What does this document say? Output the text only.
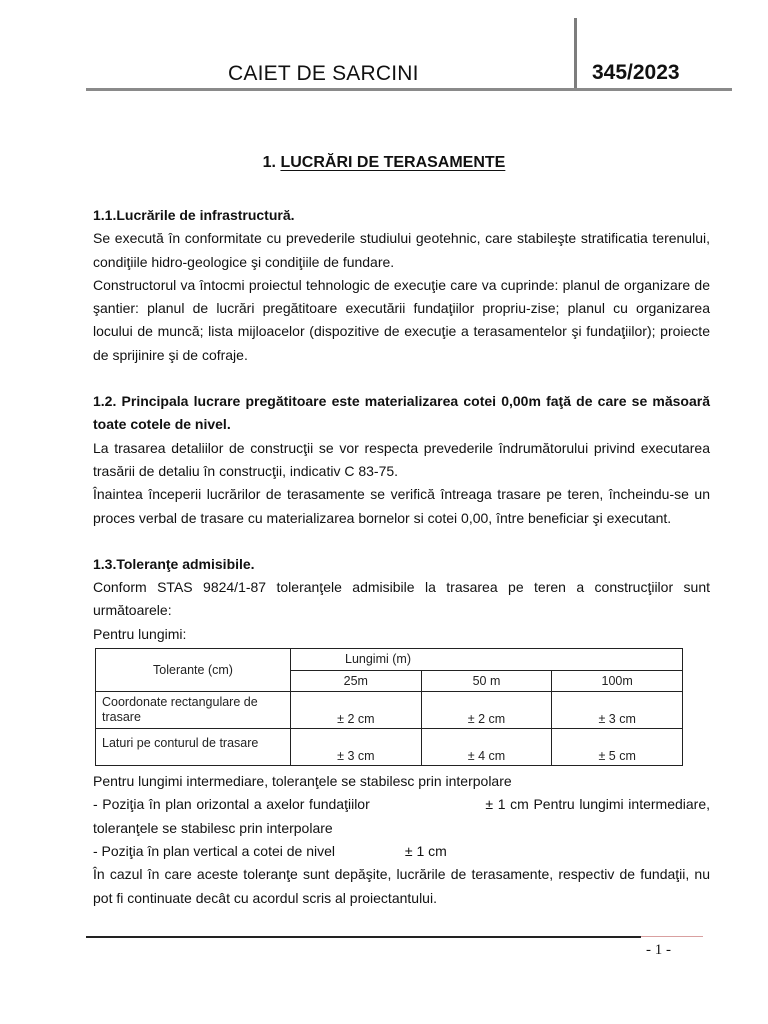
CAIET DE SARCINI	345/2023
1. LUCRĂRI DE TERASAMENTE

1.1.Lucrările de infrastructură.

Se execută în conformitate cu prevederile studiului geotehnic, care stabileşte stratificatia terenului, condiţiile hidro-geologice şi condiţiile de fundare.

Constructorul va întocmi proiectul tehnologic de execuţie care va cuprinde: planul de organizare de şantier: planul de lucrări pregătitoare executării fundaţiilor propriu-zise; planul cu organizarea locului de muncă; lista mijloacelor (dispozitive de execuţie a terasamentelor şi fundaţiilor); proiecte de sprijinire şi de cofraje.

1.2. Principala lucrare pregătitoare este materializarea cotei 0,00m faţă de care se măsoară toate cotele de nivel.

La trasarea detaliilor de construcţii se vor respecta prevederile îndrumătorului privind executarea trasării de detaliu în construcţii, indicativ C 83-75.

Înaintea începerii lucrărilor de terasamente se verifică întreaga trasare pe teren, încheindu-se un proces verbal de trasare cu materializarea bornelor si cotei 0,00, între beneficiar şi executant.

1.3.Toleranţe admisibile.

Conform STAS 9824/1-87 toleranţele admisibile la trasarea pe teren a construcţiilor sunt următoarele:

Pentru lungimi:

Tolerante (cm)	Lungimi (m)		
	25m	50 m	100m
Coordonate rectangulare de trasare	± 2 cm	± 2 cm	± 3 cm
Laturi pe conturul de trasare	± 3 cm	± 4 cm	± 5 cm

Pentru lungimi intermediare, toleranţele se stabilesc prin interpolare

- Poziţia în plan orizontal a axelor fundaţiilor                         ± 1 cm Pentru lungimi intermediare, toleranţele se stabilesc prin interpolare

- Poziţia în plan vertical a cotei de nivel	± 1 cm

În cazul în care aceste toleranţe sunt depăşite, lucrările de terasamente, respectiv de fundaţii, nu pot fi continuate decât cu acordul scris al proiectantului.

- 1 -
